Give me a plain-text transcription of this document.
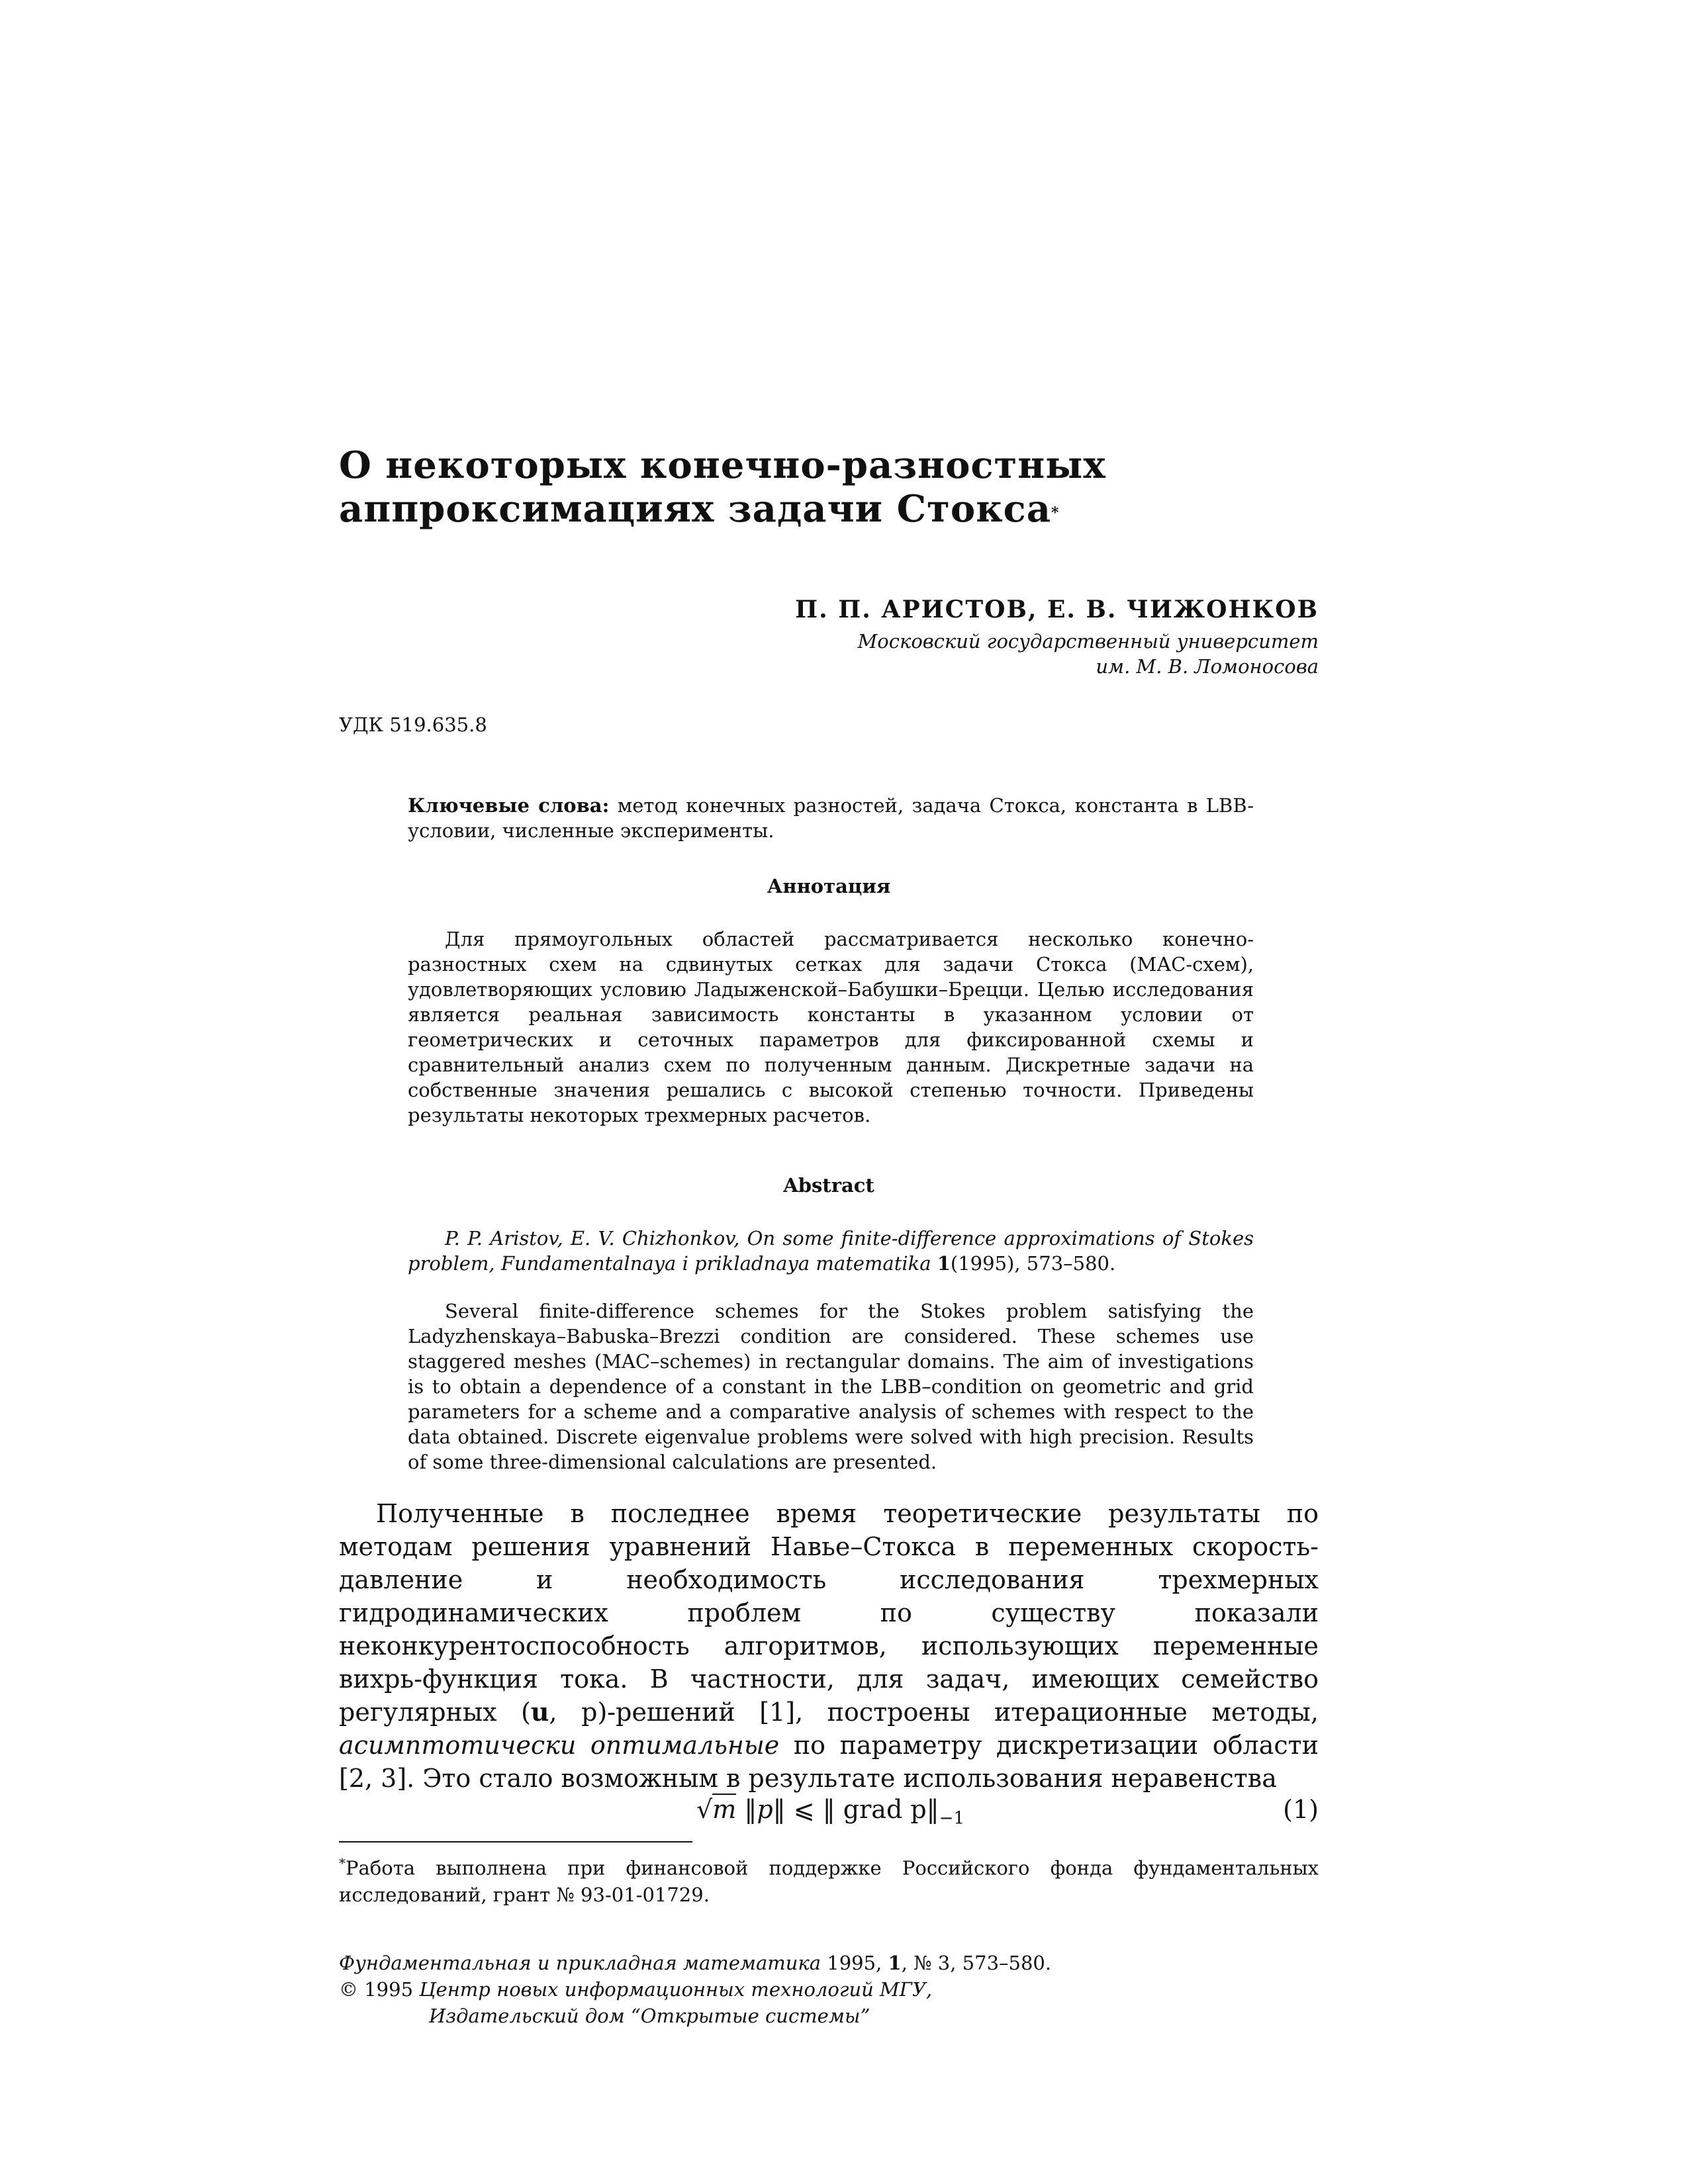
О некоторых конечно-разностных
аппроксимациях задачи Стокса*
П. П. АРИСТОВ, Е. В. ЧИЖОНКОВ
Московский государственный университет
им. М. В. Ломоносова
УДК 519.635.8
Ключевые слова: метод конечных разностей, задача Стокса, константа в LBB-условии, численные эксперименты.
Аннотация

Для прямоугольных областей рассматривается несколько конечно-разностных схем на сдвинутых сетках для задачи Стокса (МАС-схем), удовлетворяющих условию Ладыженской–Бабушки–Брецци. Целью исследования является реальная зависимость константы в указанном условии от геометрических и сеточных параметров для фиксированной схемы и сравнительный анализ схем по полученным данным. Дискретные задачи на собственные значения решались с высокой степенью точности. Приведены результаты некоторых трехмерных расчетов.

Abstract

P. P. Aristov, E. V. Chizhonkov, On some finite-difference approximations of Stokes problem, Fundamentalnaya i prikladnaya matematika 1(1995), 573–580.

Several finite-difference schemes for the Stokes problem satisfying the Ladyzhenskaya–Babuska–Brezzi condition are considered. These schemes use staggered meshes (MAC–schemes) in rectangular domains. The aim of investigations is to obtain a dependence of a constant in the LBB–condition on geometric and grid parameters for a scheme and a comparative analysis of schemes with respect to the data obtained. Discrete eigenvalue problems were solved with high precision. Results of some three-dimensional calculations are presented.

Полученные в последнее время теоретические результаты по методам решения уравнений Навье–Стокса в переменных скорость-давление и необходимость исследования трехмерных гидродинамических проблем по существу показали неконкурентоспособность алгоритмов, использующих переменные вихрь-функция тока. В частности, для задач, имеющих семейство регулярных (u, p)-решений [1], построены итерационные методы, асимптотически оптимальные по параметру дискретизации области [2, 3]. Это стало возможным в результате использования неравенства

√m ‖p‖ ⩽ ‖ grad $p‖_{-1}$	(1)
*Работа выполнена при финансовой поддержке Российского фонда фундаментальных исследований, грант № 93-01-01729.
Фундаментальная и прикладная математика 1995, 1, № 3, 573–580.
© 1995 Центр новых информационных технологий МГУ,
Издательский дом “Открытые системы”
